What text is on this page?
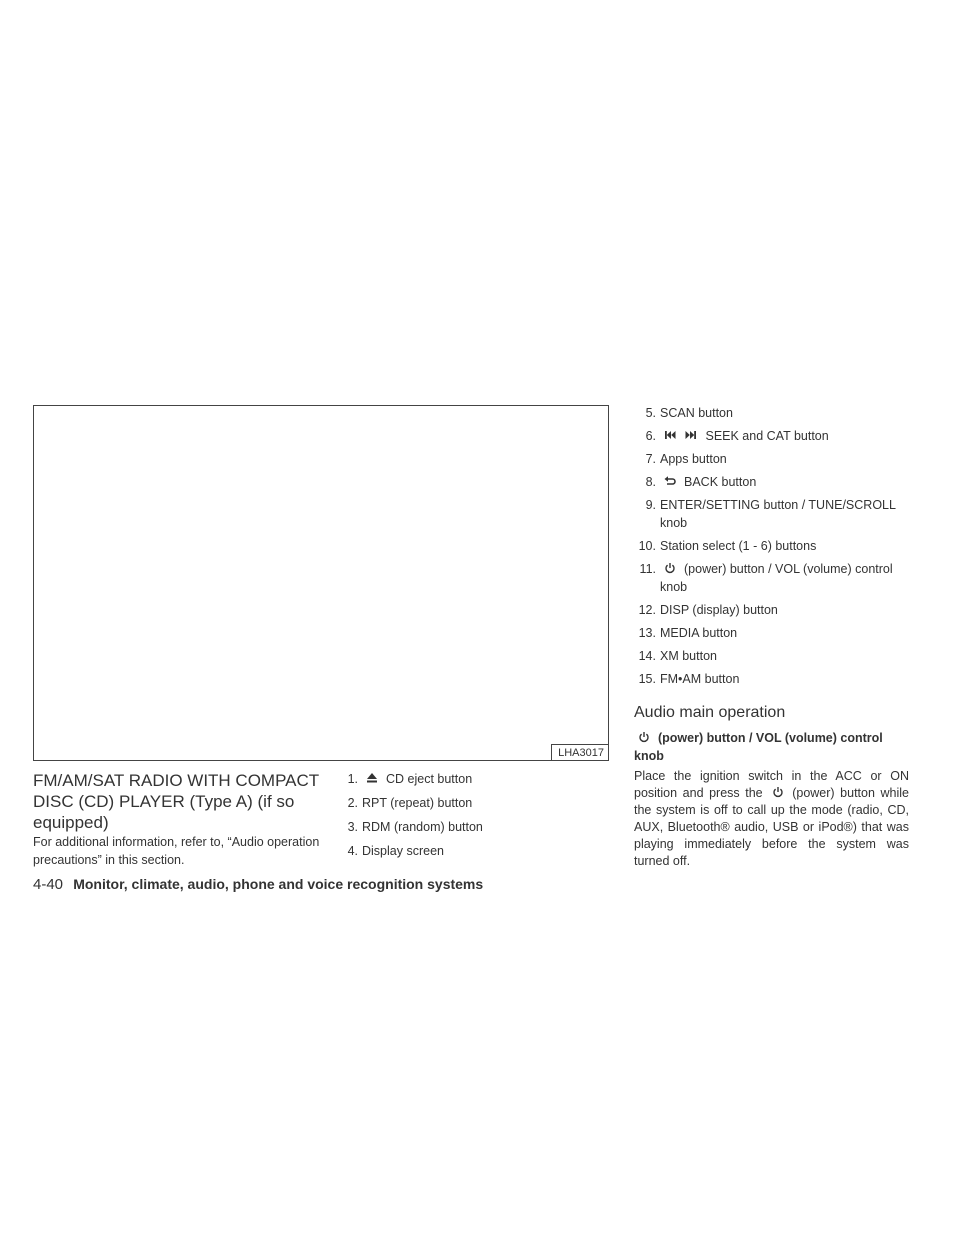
LHA3017
FM/AM/SAT RADIO WITH COMPACT DISC (CD) PLAYER (Type A) (if so equipped)

For additional information, refer to, “Audio operation precautions” in this section.

1. CD eject button
2. RPT (repeat) button
3. RDM (random) button
4. Display screen
5. SCAN button
6.
	SEEK and CAT button
7. Apps button
8. BACK button
9. ENTER/SETTING button / TUNE/SCROLL knob
10. Station select (1 - 6) buttons
11. (power) button / VOL (volume) control knob
12. DISP (display) button
13. MEDIA button
14. XM button
15. FM•AM button
Audio main operation

(power) button / VOL (volume) control knob

Place the ignition switch in the ACC or ON position and press the (power) button while the system is off to call up the mode (radio, CD, AUX, Bluetooth® audio, USB or iPod®) that was playing immediately before the system was turned off.

4-40 Monitor, climate, audio, phone and voice recognition systems
